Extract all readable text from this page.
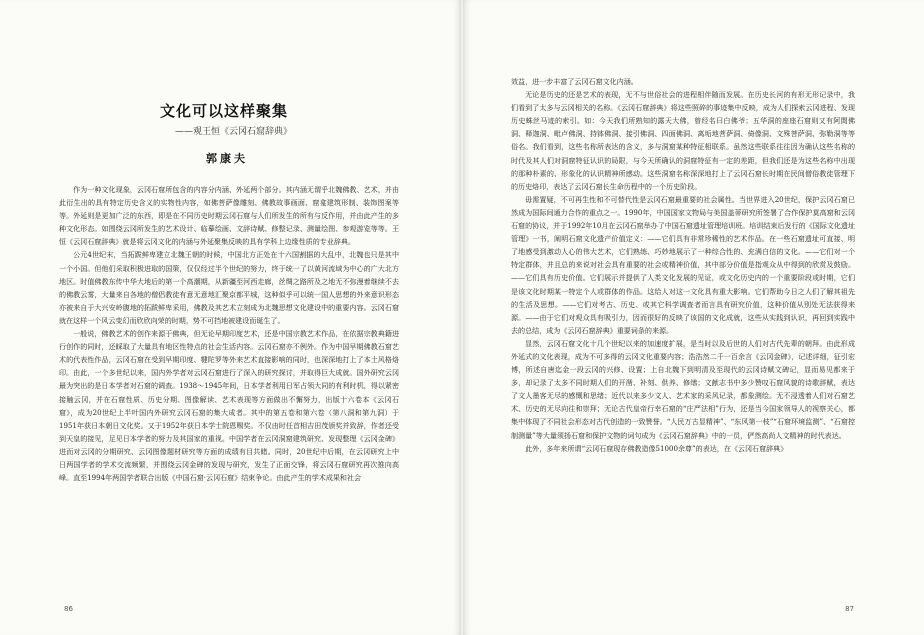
文化可以这样聚集
——观王恒《云冈石窟辞典》
郭康夫

作为一种文化现象，云冈石窟所包含的内容分内涵、外延两个部分。其内涵无谓乎北魏佛教、艺术，并由此衍生出的具有特定历史含义的实物性内容，如佛菩萨像雕刻、佛教故事画面、窟龛建筑形制、装饰图案等等。外延则是更加广泛的东西，即是在不同历史时期云冈石窟与人们所发生的所有与反作用，并由此产生的多种文化形态。如围绕云冈所发生的艺术设计、临摹绘画、文辞诗赋、修整记录、测量绘图、参观游览等等。王恒《云冈石窟辞典》就是将云冈文化的内涵与外延聚集反映的具有学科上边缘性质的专业辞典。

公元4世纪末，当拓跋鲜卑建立北魏王朝的时候，中国北方正处在十六国割据的大乱中，北魏也只是其中一个小国。但他们采取积极进取的国策，仅仅经过半个世纪的努力，终于统一了以黄河流域为中心的广大北方地区。时值佛教东传中华大地后的第一个高潮期，从新疆至河西走廊，丝绸之路所及之地无不弥漫着继续不去的佛教云雾，大量来自各地的僧侣教徒有意无意地汇聚京都平城，这种似乎可以统一国人思想的外来意识形态亦被来自于大兴安岭腹地的拓跋鲜卑采用，佛教及其艺术立刻成为北魏思想文化建设中的重要内容。云冈石窟就在这样一个风云变幻而欣欣向荣的时期，势不可挡地被建设而诞生了。

一般说，佛教艺术的创作来源于佛典，但无论早期印度艺术，还是中国宗教艺术作品，在依据宗教典籍进行创作的同时，还睬取了大量具有地区性特点的社会生活内容。云冈石窟亦不例外。作为中国早期佛教石窟艺术的代表性作品，云冈石窟在受到早期印度、犍陀罗等外来艺术直接影响的同时，也深深地打上了本土风格烙印。由此，一个多世纪以来，国内外学者对云冈石窟进行了深入的研究探讨，并取得巨大成就。国外研究云冈最为突出的是日本学者对石窟的调查。1938～1945年间，日本学者利用日军占领大同的有利时机，得以紧密接触云冈，并在石窟性质、历史分期、图像解读、艺术表现等方面做出不懈努力，出版十六卷本《云冈石窟》，成为20世纪上半叶国内外研究云冈石窟的集大成者。其中的第五卷和第六卷（第八洞和第九洞）于1951年获日本朝日文化奖。又于1952年获日本学士院恩赐奖。不仅由时任首相吉田茂颁奖并致辞，作者还受到天皇的接见，足见日本学者的努力及其国家的重视。中国学者在云冈洞窟建筑研究、发现整理《云冈金碑》进而对云冈的分期研究、云冈图像题材研究等方面的成绩有目共睹。同时，20世纪中后期，在云冈研究上中日两国学者的学术交流频繁，并围绕云冈金碑的发现与研究，发生了正面交锋，将云冈石窟研究再次推向高峰。直至1994年两国学者联合出版《中国石窟·云冈石窟》结束争论。由此产生的学术成果和社会

86

效益，进一步丰富了云冈石窟文化内涵。

无论是历史的还是艺术的表现，无不与世俗社会的进程相伴随而发展。在历史长河的有形无形记录中，我们看到了太多与云冈相关的名称。《云冈石窟辞典》将这些照碎的事迹集中反映，成为人们探索云冈进程、发现历史蛛丝马迹的索引。如：今天我们所熟知的露天大佛，曾经名曰白佛爷；五华洞的座座石窟则又有阿閦佛洞、释迦洞、毗卢佛洞、持钵佛洞、接引佛洞、四面佛洞、离垢地菩萨洞、倚像洞、文殊菩萨洞、弥勒洞等等俗名。我们看到，这些名称所表达的含义，多与洞窟某种特征相联系。虽然这些联系往往因为确认这些名称的时代及其人们对洞窟特征认识的局限，与今天所确认的洞窟特征有一定的差距，但我们还是为这些名称中出现的那种朴素的、形象化的认识精神所感动。这些洞窟名称深深地打上了云冈石窟长时期在民间僧俗教徒管理下的历史烙印，表达了云冈石窟长生命历程中的一个历史阶段。

毋需置疑，不可再生性和不可替代性是云冈石窟最重要的社会属性。当世界进入20世纪，保护云冈石窟已然成为国际间通力合作的重点之一。1990年，中国国家文物局与美国盖蒂研究所签署了合作保护莫高窟和云冈石窟的协议，并于1992年10月在云冈石窟举办了中国石窟遗址管理培训班。培训结束后发行的《国际文化遗址管理》一书，阐明石窟文化遗产价值定义：——它们具有非常珍稀性的艺术作品。在一些石窟遗址可直接、明了地感受到激动人心的伟大艺术，它们熟练、巧妙地展示了一种综合性的、充满白信的文化。——它们对一个特定群体，并且总的来说对社会具有重要的社会或精神价值，其中部分价值是指观众从中得到的欣赏及鼓励。——它们具有历史价值。它们展示并提供了人类文化发展的见证，或文化历史内的一个重要阶段或时期，它们是该文化时期某一特定个人或群体的作品。这给人对这一文化具有重大影响。它们帮助今日之人们了解其祖先的生活及思想。——它们对考古、历史、或其它科学调查者而言具有研究价值，这种价值从别处无法获得来源。——由于它们对观众具有吸引力，因而很好的反映了该国的文化成就，这些从实践到认识，再回到实践中去的总结，成为《云冈石窟辞典》重要词条的来源。

显然，云冈石窟文化十几个世纪以来的加速度扩展，是当时以及后世的人们对古代先辈的朝拜。由此形成外延式的文化表现，成为不可多得的云冈文化重要内容；浩浩然二千一百余言《云冈金碑》，记述详细，征引宏博，所述自唐迄金一段云冈的兴修、设置；上自北魏下到明清及至现代的云冈诗赋文碑记，显而易见都来于多，却记录了太多不同时期人们的开凿、补刻、供养、修缮；文献志书中多少赞叹石窟风貌的诗歌辞赋，表达了文人墨客无尽的感慨和思绪；近代以来多少文人、艺术家的采风记录，都象测绘。无不浸透着人们对石窟艺术、历史的无尽向往和崇拜；无论古代皇帝行幸石窟的“庄严法相”行为，还是当今国家领导人的视察关心，都集中体现了不同社会形态对古代创造的一致赞誉。“人民万古显精神”、“东风第一枝”“石窟环境监测”、“石窟控制测量”等大量须扬石窟和保护文物的词句成为《云冈石窟辞典》中的一员，俨然高尚人文精神的时代表达。

此外，多年来所谓“云冈石窟现存佛教造像51000余尊”的表达，在《云冈石窟辞典》

87
